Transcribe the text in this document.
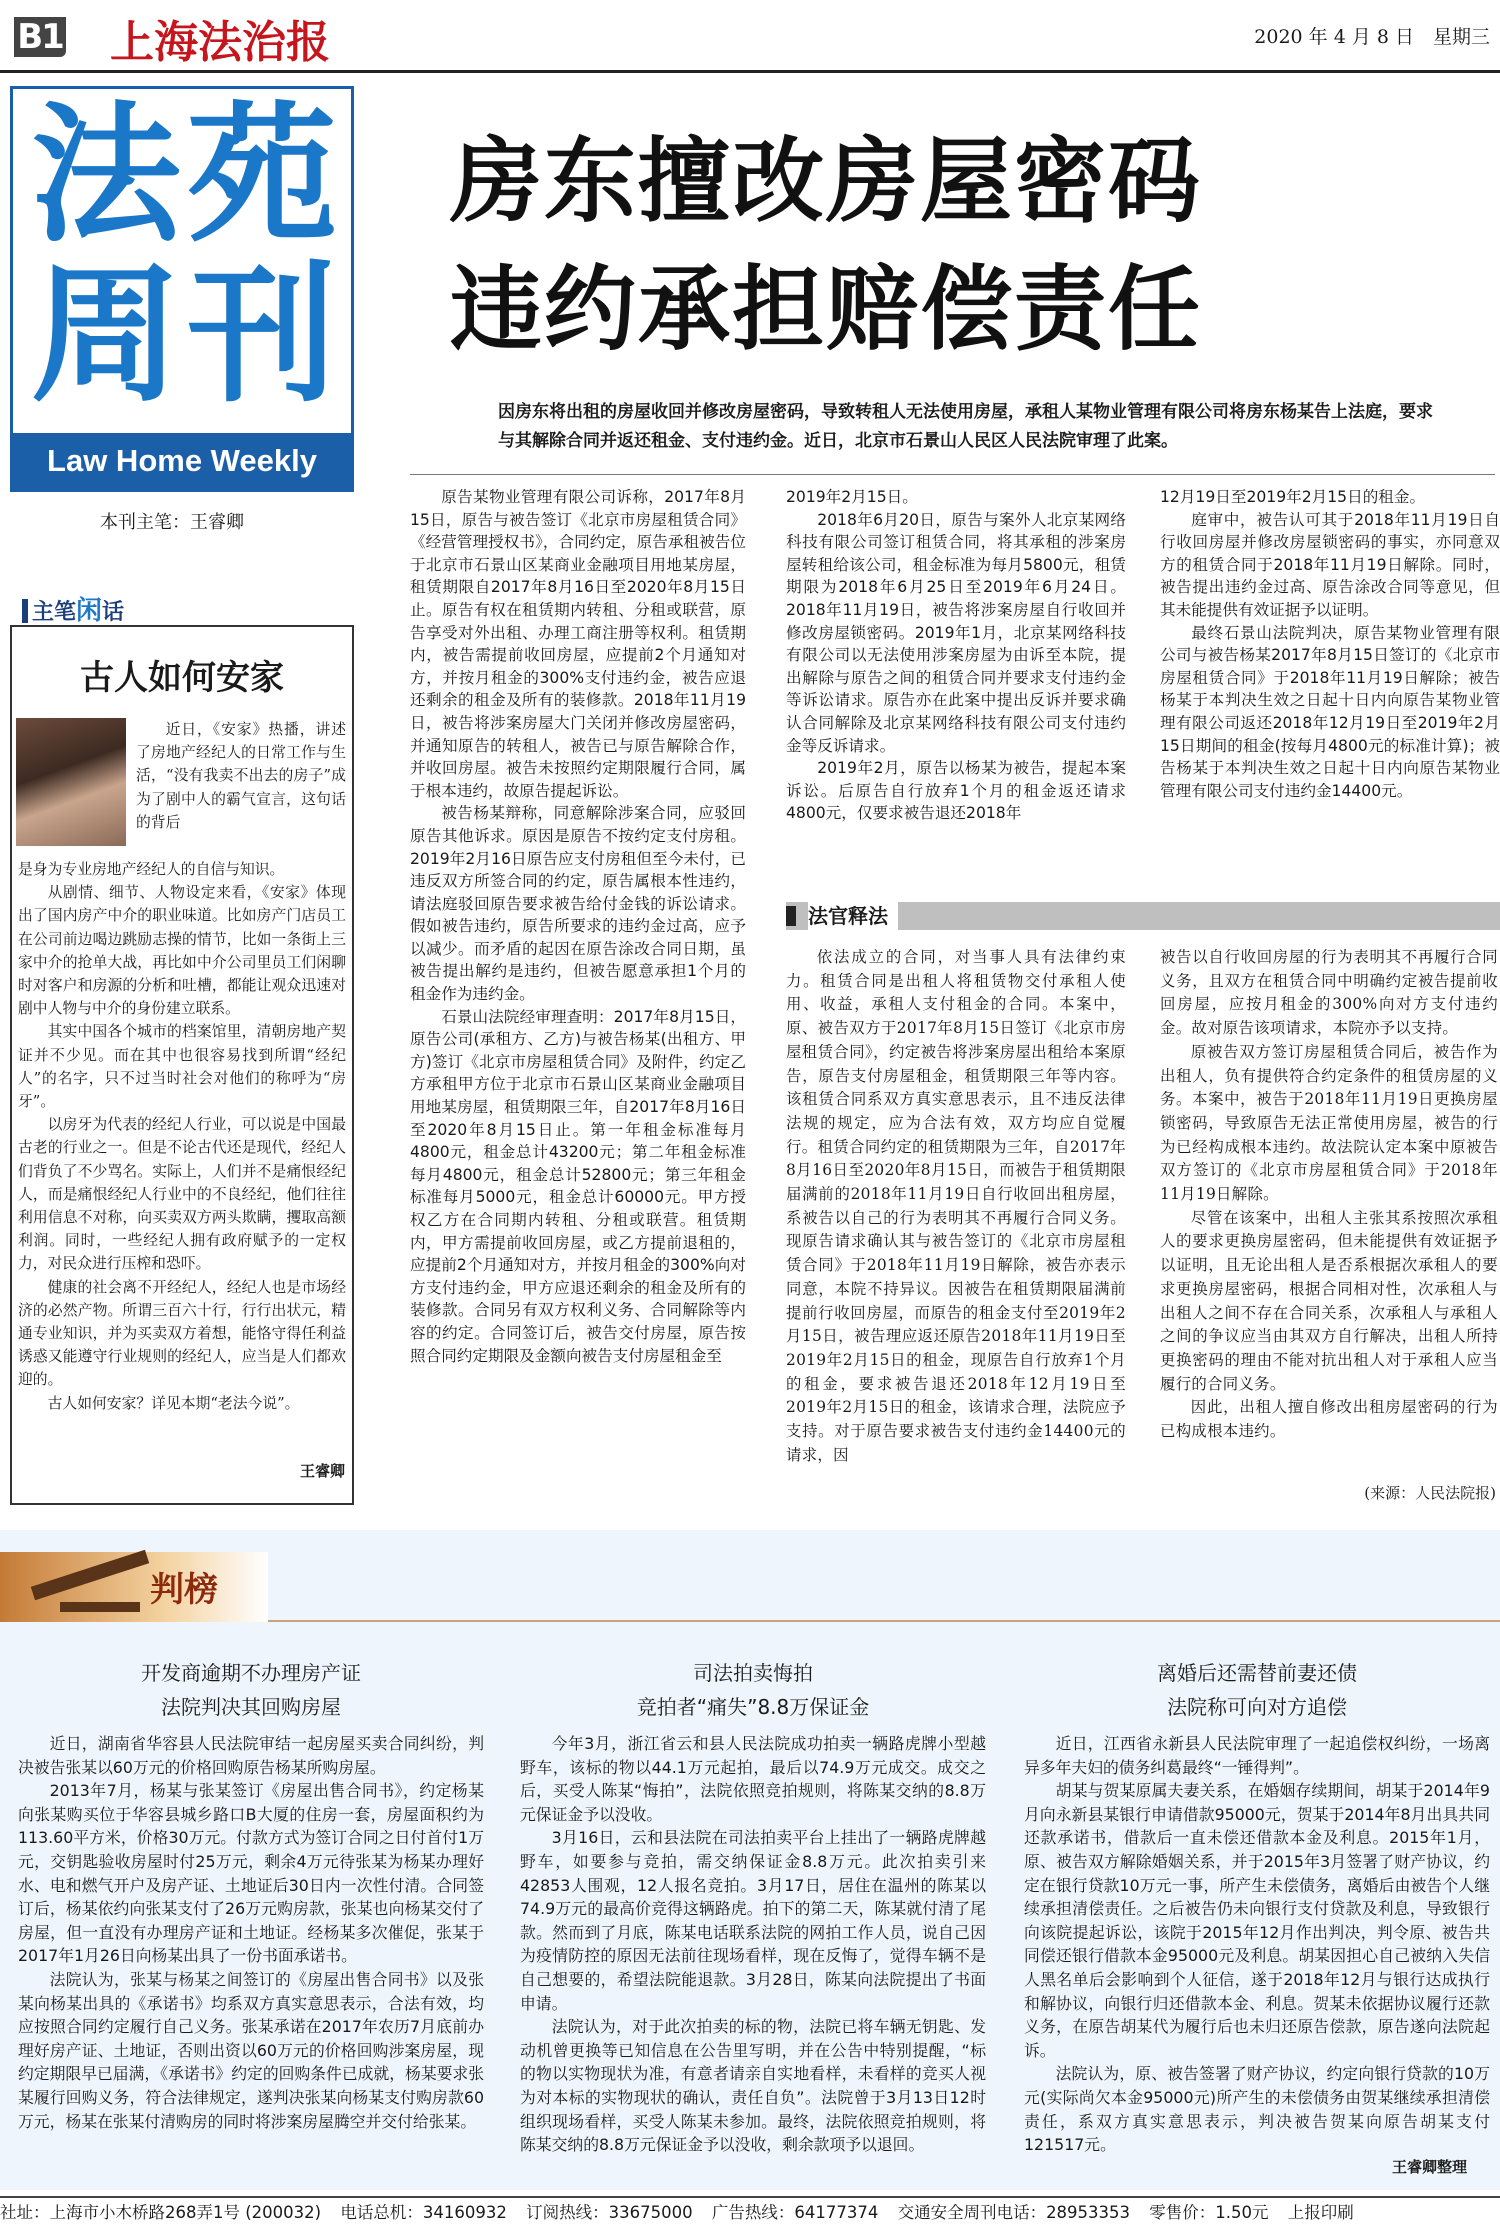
B1 上海法治报	2020 年 4 月 8 日　星期三
法苑
周刊
Law Home Weekly
本刊主笔：王睿卿
房东擅改房屋密码
违约承担赔偿责任
因房东将出租的房屋收回并修改房屋密码，导致转租人无法使用房屋，承租人某物业管理有限公司将房东杨某告上法庭，要求与其解除合同并返还租金、支付违约金。近日，北京市石景山人民区人民法院审理了此案。
主笔闲话
古人如何安家

近日，《安家》热播，讲述了房地产经纪人的日常工作与生活，“没有我卖不出去的房子”成为了剧中人的霸气宣言，这句话的背后

是身为专业房地产经纪人的自信与知识。

从剧情、细节、人物设定来看，《安家》体现出了国内房产中介的职业味道。比如房产门店员工在公司前边喝边跳励志操的情节，比如一条街上三家中介的抢单大战，再比如中介公司里员工们闲聊时对客户和房源的分析和吐槽，都能让观众迅速对剧中人物与中介的身份建立联系。

其实中国各个城市的档案馆里，清朝房地产契证并不少见。而在其中也很容易找到所谓“经纪人”的名字，只不过当时社会对他们的称呼为“房牙”。

以房牙为代表的经纪人行业，可以说是中国最古老的行业之一。但是不论古代还是现代，经纪人们背负了不少骂名。实际上，人们并不是痛恨经纪人，而是痛恨经纪人行业中的不良经纪，他们往往利用信息不对称，向买卖双方两头欺瞒，攫取高额利润。同时，一些经纪人拥有政府赋予的一定权力，对民众进行压榨和恐吓。

健康的社会离不开经纪人，经纪人也是市场经济的必然产物。所谓三百六十行，行行出状元，精通专业知识，并为买卖双方着想，能恪守得任利益诱惑又能遵守行业规则的经纪人，应当是人们都欢迎的。

古人如何安家？详见本期“老法今说”。

王睿卿

原告某物业管理有限公司诉称，2017年8月15日，原告与被告签订《北京市房屋租赁合同》《经营管理授权书》，合同约定，原告承租被告位于北京市石景山区某商业金融项目用地某房屋，租赁期限自2017年8月16日至2020年8月15日止。原告有权在租赁期内转租、分租或联营，原告享受对外出租、办理工商注册等权利。租赁期内，被告需提前收回房屋，应提前2个月通知对方，并按月租金的300%支付违约金，被告应退还剩余的租金及所有的装修款。2018年11月19日，被告将涉案房屋大门关闭并修改房屋密码，并通知原告的转租人，被告已与原告解除合作，并收回房屋。被告未按照约定期限履行合同，属于根本违约，故原告提起诉讼。

被告杨某辩称，同意解除涉案合同，应驳回原告其他诉求。原因是原告不按约定支付房租。2019年2月16日原告应支付房租但至今未付，已违反双方所签合同的约定，原告属根本性违约，请法庭驳回原告要求被告给付金钱的诉讼请求。假如被告违约，原告所要求的违约金过高，应予以减少。而矛盾的起因在原告涂改合同日期，虽被告提出解约是违约，但被告愿意承担1个月的租金作为违约金。

石景山法院经审理查明：2017年8月15日，原告公司(承租方、乙方)与被告杨某(出租方、甲方)签订《北京市房屋租赁合同》及附件，约定乙方承租甲方位于北京市石景山区某商业金融项目用地某房屋，租赁期限三年，自2017年8月16日至2020年8月15日止。第一年租金标准每月4800元，租金总计43200元；第二年租金标准每月4800元，租金总计52800元；第三年租金标准每月5000元，租金总计60000元。甲方授权乙方在合同期内转租、分租或联营。租赁期内，甲方需提前收回房屋，或乙方提前退租的，应提前2个月通知对方，并按月租金的300%向对方支付违约金，甲方应退还剩余的租金及所有的装修款。合同另有双方权利义务、合同解除等内容的约定。合同签订后，被告交付房屋，原告按照合同约定期限及金额向被告支付房屋租金至

2019年2月15日。

2018年6月20日，原告与案外人北京某网络科技有限公司签订租赁合同，将其承租的涉案房屋转租给该公司，租金标准为每月5800元，租赁期限为2018年6月25日至2019年6月24日。2018年11月19日，被告将涉案房屋自行收回并修改房屋锁密码。2019年1月，北京某网络科技有限公司以无法使用涉案房屋为由诉至本院，提出解除与原告之间的租赁合同并要求支付违约金等诉讼请求。原告亦在此案中提出反诉并要求确认合同解除及北京某网络科技有限公司支付违约金等反诉请求。

2019年2月，原告以杨某为被告，提起本案诉讼。后原告自行放弃1个月的租金返还请求4800元，仅要求被告退还2018年

12月19日至2019年2月15日的租金。

庭审中，被告认可其于2018年11月19日自行收回房屋并修改房屋锁密码的事实，亦同意双方的租赁合同于2018年11月19日解除。同时，被告提出违约金过高、原告涂改合同等意见，但其未能提供有效证据予以证明。

最终石景山法院判决，原告某物业管理有限公司与被告杨某2017年8月15日签订的《北京市房屋租赁合同》于2018年11月19日解除；被告杨某于本判决生效之日起十日内向原告某物业管理有限公司返还2018年12月19日至2019年2月15日期间的租金(按每月4800元的标准计算)；被告杨某于本判决生效之日起十日内向原告某物业管理有限公司支付违约金14400元。

法官释法

依法成立的合同，对当事人具有法律约束力。租赁合同是出租人将租赁物交付承租人使用、收益，承租人支付租金的合同。本案中，原、被告双方于2017年8月15日签订《北京市房屋租赁合同》，约定被告将涉案房屋出租给本案原告，原告支付房屋租金，租赁期限三年等内容。该租赁合同系双方真实意思表示，且不违反法律法规的规定，应为合法有效，双方均应自觉履行。租赁合同约定的租赁期限为三年，自2017年8月16日至2020年8月15日，而被告于租赁期限届满前的2018年11月19日自行收回出租房屋，系被告以自己的行为表明其不再履行合同义务。现原告请求确认其与被告签订的《北京市房屋租赁合同》于2018年11月19日解除，被告亦表示同意，本院不持异议。因被告在租赁期限届满前提前行收回房屋，而原告的租金支付至2019年2月15日，被告理应返还原告2018年11月19日至2019年2月15日的租金，现原告自行放弃1个月的租金，要求被告退还2018年12月19日至2019年2月15日的租金，该请求合理，法院应予支持。对于原告要求被告支付违约金14400元的请求，因

被告以自行收回房屋的行为表明其不再履行合同义务，且双方在租赁合同中明确约定被告提前收回房屋，应按月租金的300%向对方支付违约金。故对原告该项请求，本院亦予以支持。

原被告双方签订房屋租赁合同后，被告作为出租人，负有提供符合约定条件的租赁房屋的义务。本案中，被告于2018年11月19日更换房屋锁密码，导致原告无法正常使用房屋，被告的行为已经构成根本违约。故法院认定本案中原被告双方签订的《北京市房屋租赁合同》于2018年11月19日解除。

尽管在该案中，出租人主张其系按照次承租人的要求更换房屋密码，但未能提供有效证据予以证明，且无论出租人是否系根据次承租人的要求更换房屋密码，根据合同相对性，次承租人与出租人之间不存在合同关系，次承租人与承租人之间的争议应当由其双方自行解决，出租人所持更换密码的理由不能对抗出租人对于承租人应当履行的合同义务。

因此，出租人擅自修改出租房屋密码的行为已构成根本违约。

(来源：人民法院报)
判榜
开发商逾期不办理房产证
法院判决其回购房屋
司法拍卖悔拍
竞拍者“痛失”8.8万保证金
离婚后还需替前妻还债
法院称可向对方追偿

近日，湖南省华容县人民法院审结一起房屋买卖合同纠纷，判决被告张某以60万元的价格回购原告杨某所购房屋。

2013年7月，杨某与张某签订《房屋出售合同书》，约定杨某向张某购买位于华容县城乡路口B大厦的住房一套，房屋面积约为113.60平方米，价格30万元。付款方式为签订合同之日付首付1万元，交钥匙验收房屋时付25万元，剩余4万元待张某为杨某办理好水、电和燃气开户及房产证、土地证后30日内一次性付清。合同签订后，杨某依约向张某支付了26万元购房款，张某也向杨某交付了房屋，但一直没有办理房产证和土地证。经杨某多次催促，张某于2017年1月26日向杨某出具了一份书面承诺书。

法院认为，张某与杨某之间签订的《房屋出售合同书》以及张某向杨某出具的《承诺书》均系双方真实意思表示，合法有效，均应按照合同约定履行自己义务。张某承诺在2017年农历7月底前办理好房产证、土地证，否则出资以60万元的价格回购涉案房屋，现约定期限早已届满，《承诺书》约定的回购条件已成就，杨某要求张某履行回购义务，符合法律规定，遂判决张某向杨某支付购房款60万元，杨某在张某付清购房的同时将涉案房屋腾空并交付给张某。

今年3月，浙江省云和县人民法院成功拍卖一辆路虎牌小型越野车，该标的物以44.1万元起拍，最后以74.9万元成交。成交之后，买受人陈某“悔拍”，法院依照竞拍规则，将陈某交纳的8.8万元保证金予以没收。

3月16日，云和县法院在司法拍卖平台上挂出了一辆路虎牌越野车，如要参与竞拍，需交纳保证金8.8万元。此次拍卖引来42853人围观，12人报名竞拍。3月17日，居住在温州的陈某以74.9万元的最高价竞得这辆路虎。拍下的第二天，陈某就付清了尾款。然而到了月底，陈某电话联系法院的网拍工作人员，说自己因为疫情防控的原因无法前往现场看样，现在反悔了，觉得车辆不是自己想要的，希望法院能退款。3月28日，陈某向法院提出了书面申请。

法院认为，对于此次拍卖的标的物，法院已将车辆无钥匙、发动机曾更换等已知信息在公告里写明，并在公告中特别提醒，“标的物以实物现状为准，有意者请亲自实地看样，未看样的竞买人视为对本标的实物现状的确认，责任自负”。法院曾于3月13日12时组织现场看样，买受人陈某未参加。最终，法院依照竞拍规则，将陈某交纳的8.8万元保证金予以没收，剩余款项予以退回。

近日，江西省永新县人民法院审理了一起追偿权纠纷，一场离异多年夫妇的债务纠葛最终“一锤得判”。

胡某与贺某原属夫妻关系，在婚姻存续期间，胡某于2014年9月向永新县某银行申请借款95000元，贺某于2014年8月出具共同还款承诺书，借款后一直未偿还借款本金及利息。2015年1月，原、被告双方解除婚姻关系，并于2015年3月签署了财产协议，约定在银行贷款10万元一事，所产生未偿债务，离婚后由被告个人继续承担清偿责任。之后被告仍未向银行支付贷款及利息，导致银行向该院提起诉讼，该院于2015年12月作出判决，判令原、被告共同偿还银行借款本金95000元及利息。胡某因担心自己被纳入失信人黑名单后会影响到个人征信，遂于2018年12月与银行达成执行和解协议，向银行归还借款本金、利息。贺某未依据协议履行还款义务，在原告胡某代为履行后也未归还原告偿款，原告遂向法院起诉。

法院认为，原、被告签署了财产协议，约定向银行贷款的10万元(实际尚欠本金95000元)所产生的未偿债务由贺某继续承担清偿责任，系双方真实意思表示，判决被告贺某向原告胡某支付121517元。

王睿卿整理
社址：上海市小木桥路268弄1号 (200032) 电话总机：34160932 订阅热线：33675000 广告热线：64177374 交通安全周刊电话：28953353 零售价：1.50元 上报印刷
